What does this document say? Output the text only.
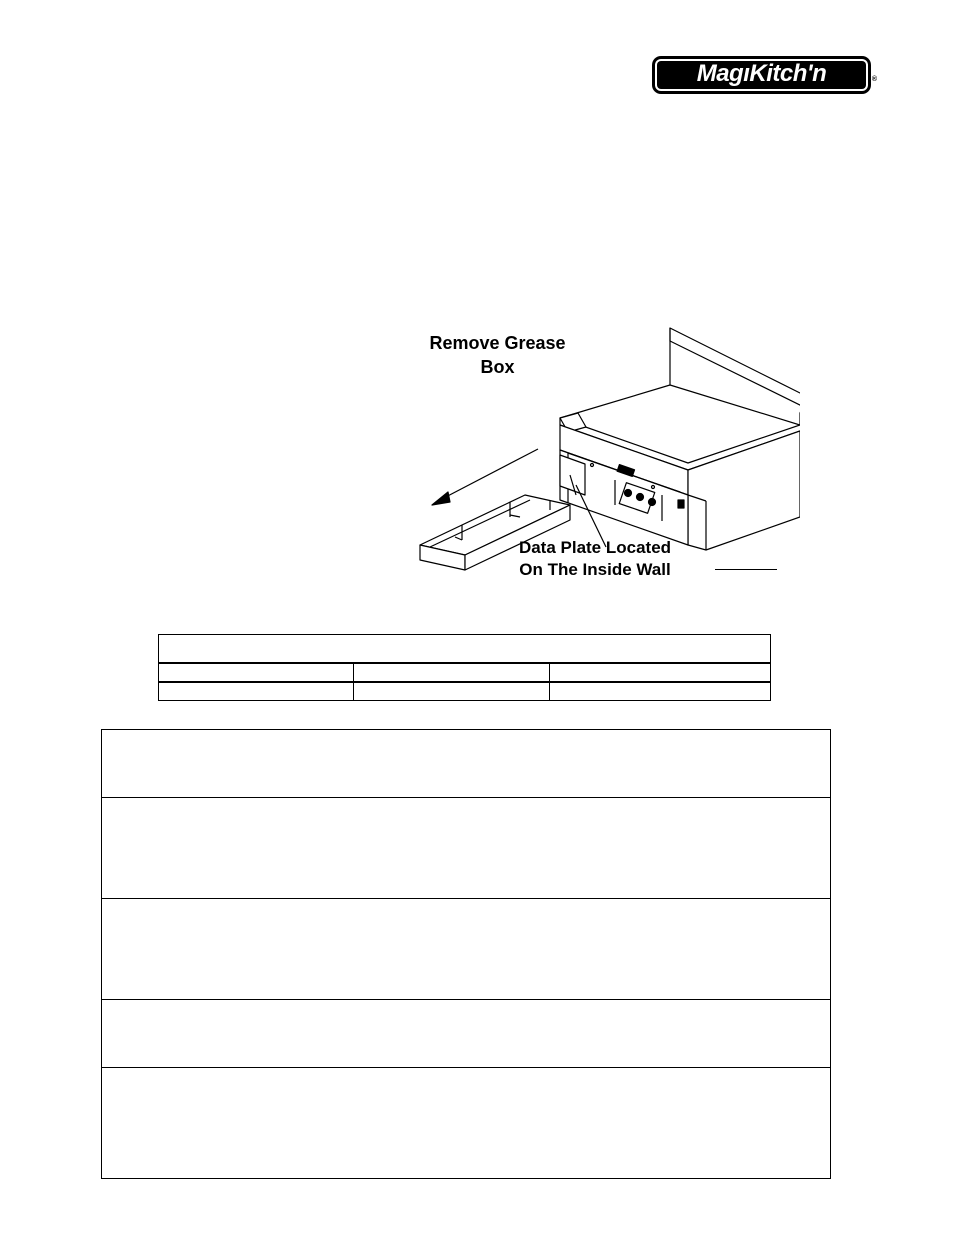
MagıKitch'n	®
Remove Grease
Box
Data Plate Located
On The Inside Wall
